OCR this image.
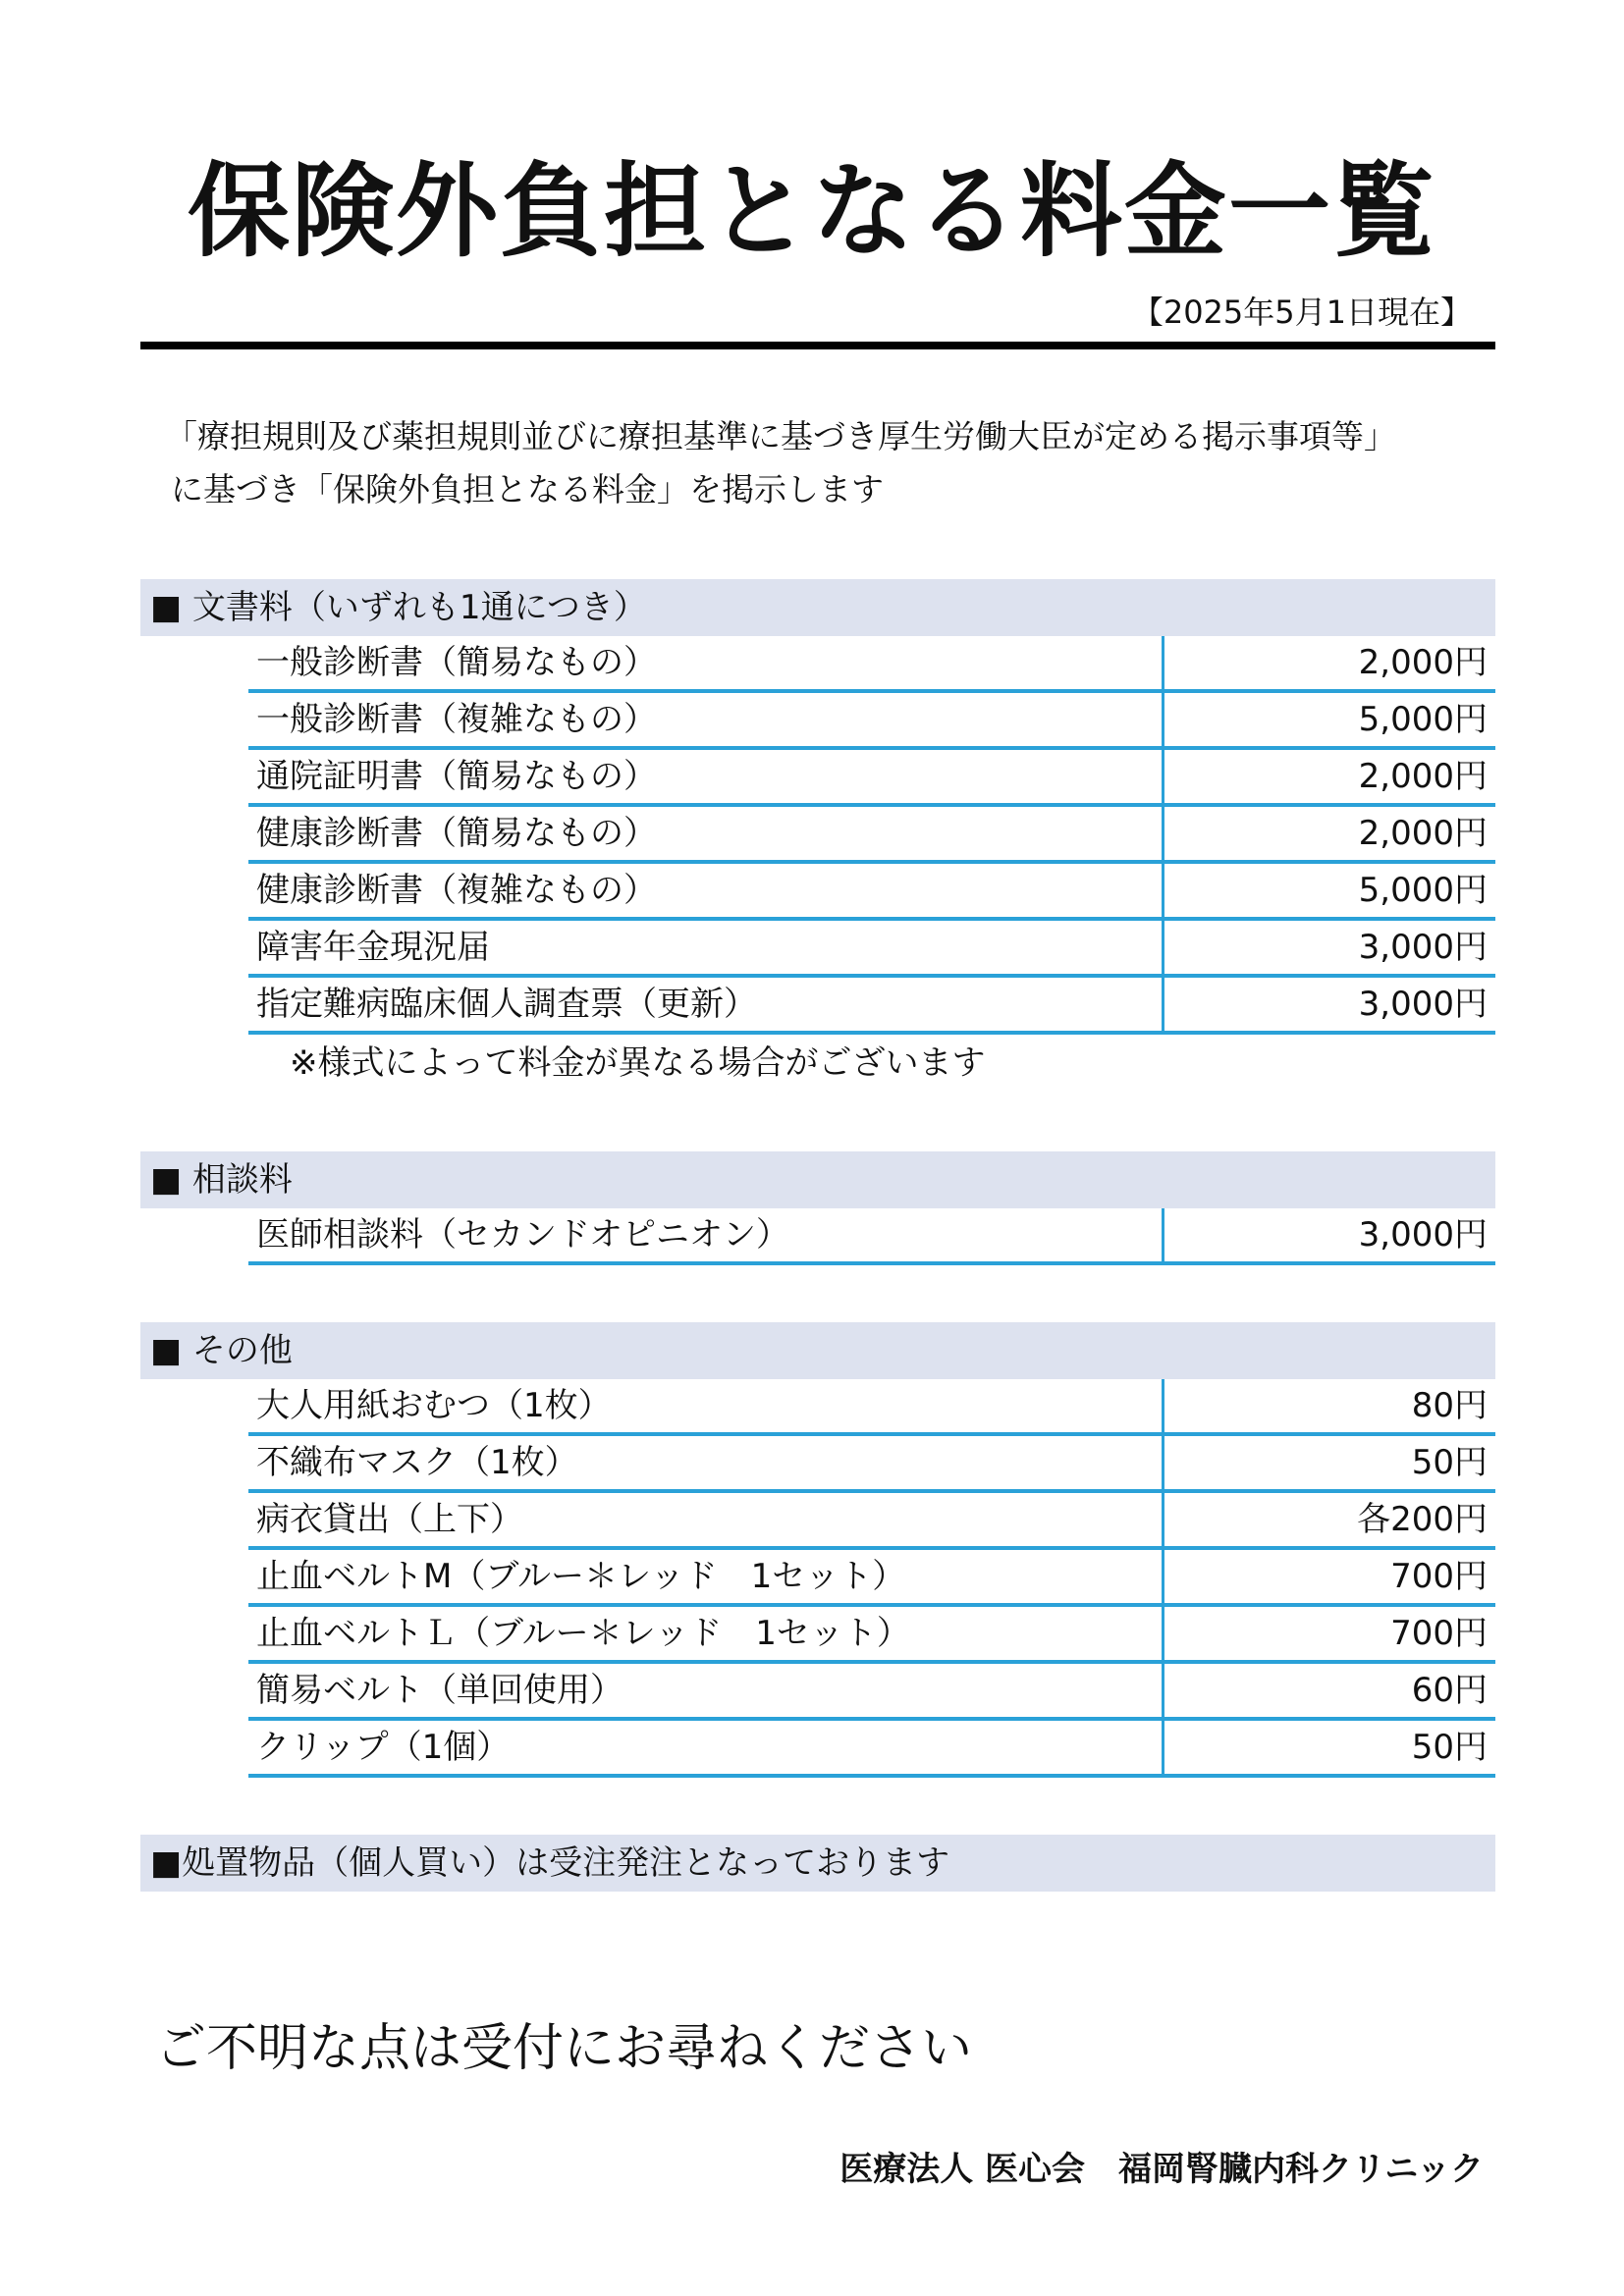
保険外負担となる料金一覧
【2025年5月1日現在】
「療担規則及び薬担規則並びに療担基準に基づき厚生労働大臣が定める掲示事項等」
に基づき「保険外負担となる料金」を掲示します
■ 文書料（いずれも1通につき）
一般診断書（簡易なもの）	2,000円
一般診断書（複雑なもの）	5,000円
通院証明書（簡易なもの）	2,000円
健康診断書（簡易なもの）	2,000円
健康診断書（複雑なもの）	5,000円
障害年金現況届	3,000円
指定難病臨床個人調査票（更新）	3,000円
※様式によって料金が異なる場合がございます
■ 相談料
医師相談料（セカンドオピニオン）	3,000円
■ その他
大人用紙おむつ（1枚）	80円
不織布マスク（1枚）	50円
病衣貸出（上下）	各200円
止血ベルトM（ブルー＊レッド　1セット）	700円
止血ベルトＬ（ブルー＊レッド　1セット）	700円
簡易ベルト（単回使用）	60円
クリップ（1個）	50円
■処置物品（個人買い）は受注発注となっております
ご不明な点は受付にお尋ねください
医療法人 医心会　福岡腎臓内科クリニック
